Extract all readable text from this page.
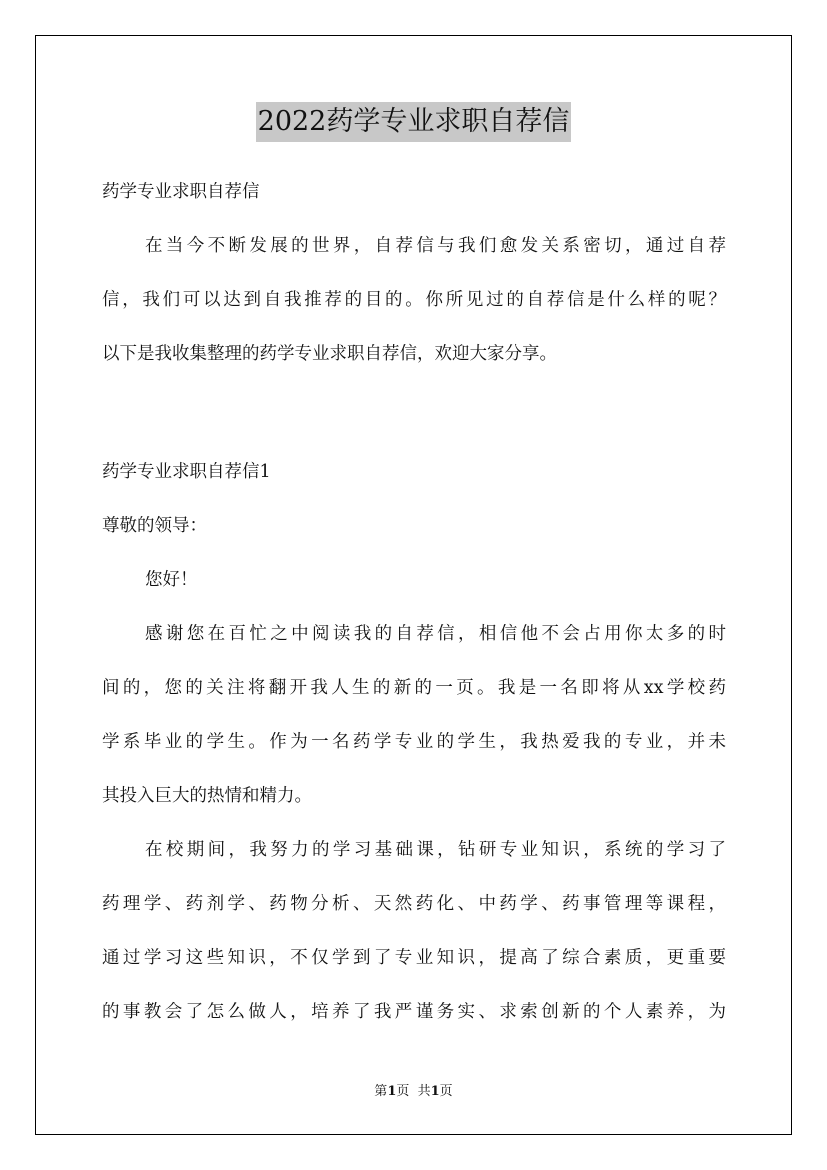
2022药学专业求职自荐信
药学专业求职自荐信
在当今不断发展的世界，自荐信与我们愈发关系密切，通过自荐
信，我们可以达到自我推荐的目的。你所见过的自荐信是什么样的呢？
以下是我收集整理的药学专业求职自荐信，欢迎大家分享。
药学专业求职自荐信1
尊敬的领导：
您好！
感谢您在百忙之中阅读我的自荐信，相信他不会占用你太多的时
间的，您的关注将翻开我人生的新的一页。我是一名即将从xx学校药
学系毕业的学生。作为一名药学专业的学生，我热爱我的专业，并未
其投入巨大的热情和精力。
在校期间，我努力的学习基础课，钻研专业知识，系统的学习了
药理学、药剂学、药物分析、天然药化、中药学、药事管理等课程，
通过学习这些知识，不仅学到了专业知识，提高了综合素质，更重要
的事教会了怎么做人，培养了我严谨务实、求索创新的个人素养，为
第1页  共1页
